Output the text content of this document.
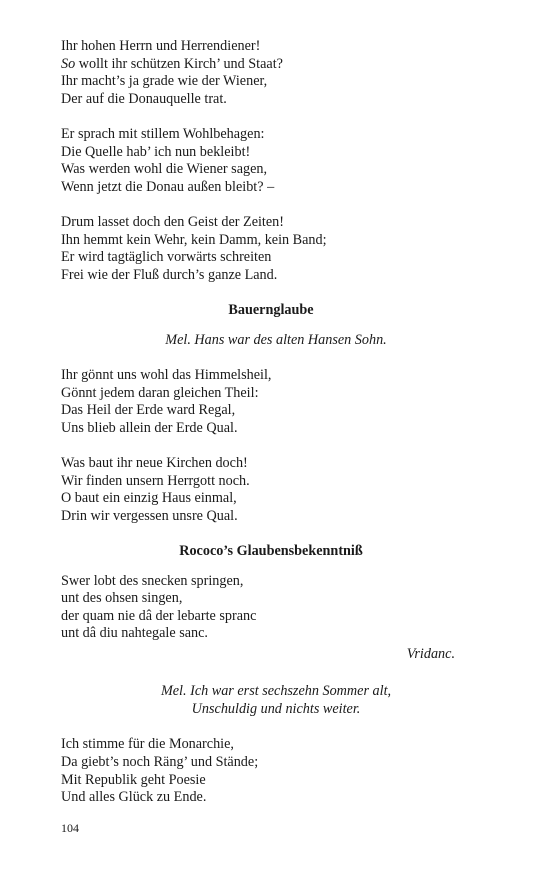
Ihr hohen Herrn und Herrendiener!
So wollt ihr schützen Kirch’ und Staat?
Ihr macht’s ja grade wie der Wiener,
Der auf die Donauquelle trat.
Er sprach mit stillem Wohlbehagen:
Die Quelle hab’ ich nun bekleibt!
Was werden wohl die Wiener sagen,
Wenn jetzt die Donau außen bleibt? –
Drum lasset doch den Geist der Zeiten!
Ihn hemmt kein Wehr, kein Damm, kein Band;
Er wird tagtäglich vorwärts schreiten
Frei wie der Fluß durch’s ganze Land.
Bauernglaube
Mel. Hans war des alten Hansen Sohn.
Ihr gönnt uns wohl das Himmelsheil,
Gönnt jedem daran gleichen Theil:
Das Heil der Erde ward Regal,
Uns blieb allein der Erde Qual.
Was baut ihr neue Kirchen doch!
Wir finden unsern Herrgott noch.
O baut ein einzig Haus einmal,
Drin wir vergessen unsre Qual.
Rococo’s Glaubensbekenntniß
Swer lobt des snecken springen,
unt des ohsen singen,
der quam nie dâ der lebarte spranc
unt dâ diu nahtegale sanc.
Vridanc.
Mel. Ich war erst sechszehn Sommer alt,
Unschuldig und nichts weiter.
Ich stimme für die Monarchie,
Da giebt’s noch Räng’ und Stände;
Mit Republik geht Poesie
Und alles Glück zu Ende.
104
